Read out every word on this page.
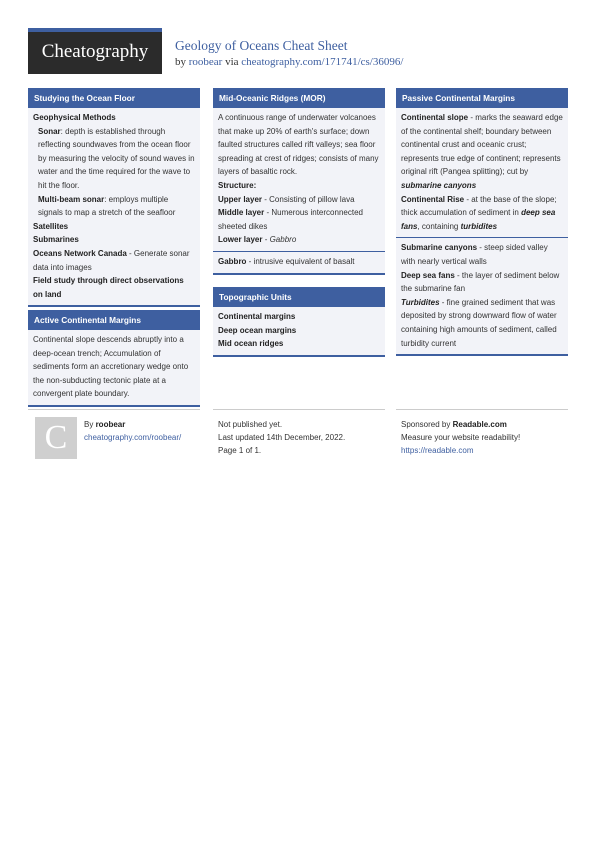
Cheatography	Geology of Oceans Cheat Sheet
by roobear via cheatography.com/171741/cs/36096/
Studying the Ocean Floor

Geophysical Methods

Sonar: depth is established through reflecting soundwaves from the ocean floor by measuring the velocity of sound waves in water and the time required for the wave to hit the floor.

Multi-beam sonar: employs multiple signals to map a stretch of the seafloor

Satellites

Submarines

Oceans Network Canada - Generate sonar data into images

Field study through direct observations on land

Active Continental Margins

Continental slope descends abruptly into a deep-ocean trench; Accumulation of sediments form an accretionary wedge onto the non-subducting tectonic plate at a convergent plate boundary.

Mid-Oceanic Ridges (MOR)

A continuous range of underwater volcanoes that make up 20% of earth's surface; down faulted structures called rift valleys; sea floor spreading at crest of ridges; consists of many layers of basaltic rock.

Structure:

Upper layer - Consisting of pillow lava

Middle layer - Numerous interconnected sheeted dikes

Lower layer - Gabbro

Gabbro - intrusive equivalent of basalt

Topographic Units

Continental margins

Deep ocean margins

Mid ocean ridges

Passive Continental Margins

Continental slope - marks the seaward edge of the continental shelf; boundary between continental crust and oceanic crust; represents true edge of continent; represents original rift (Pangea splitting); cut by submarine canyons

Continental Rise - at the base of the slope; thick accumulation of sediment in deep sea fans, containing turbidites

Submarine canyons - steep sided valley with nearly vertical walls

Deep sea fans - the layer of sediment below the submarine fan

Turbidites - fine grained sediment that was deposited by strong downward flow of water containing high amounts of sediment, called turbidity current

C	By roobear

cheatography.com/roobear/

Not published yet.

Last updated 14th December, 2022.

Page 1 of 1.

Sponsored by Readable.com

Measure your website readability!

https://readable.com
